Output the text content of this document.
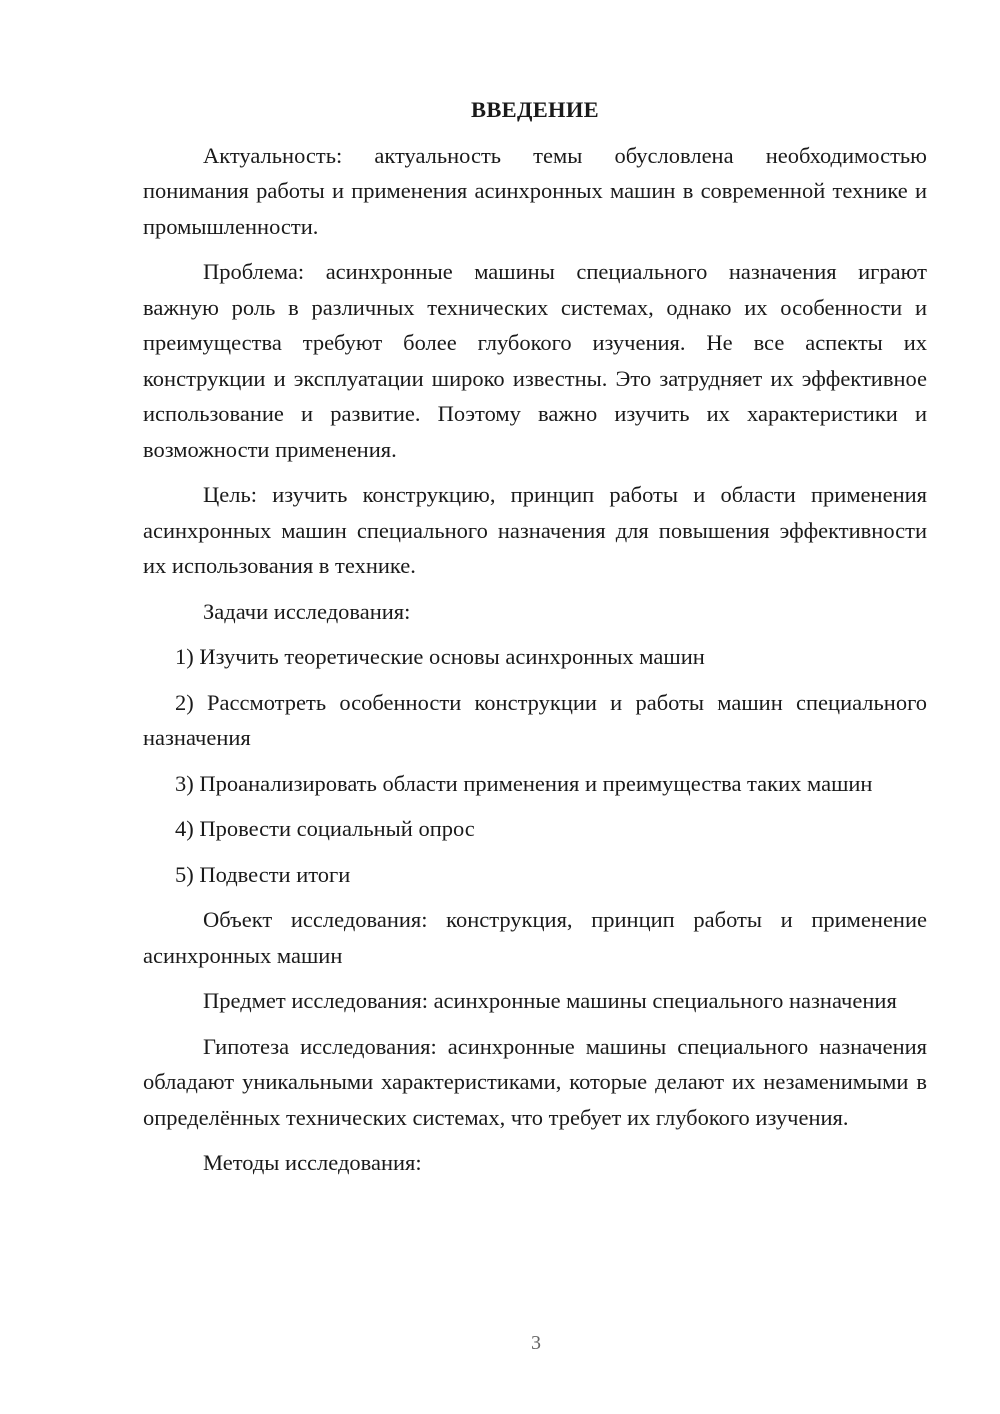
ВВЕДЕНИЕ
Актуальность: актуальность темы обусловлена необходимостью понимания работы и применения асинхронных машин в современной технике и промышленности.
Проблема: асинхронные машины специального назначения играют важную роль в различных технических системах, однако их особенности и преимущества требуют более глубокого изучения. Не все аспекты их конструкции и эксплуатации широко известны. Это затрудняет их эффективное использование и развитие. Поэтому важно изучить их характеристики и возможности применения.
Цель: изучить конструкцию, принцип работы и области применения асинхронных машин специального назначения для повышения эффективности их использования в технике.
Задачи исследования:
1) Изучить теоретические основы асинхронных машин
2) Рассмотреть особенности конструкции и работы машин специального назначения
3) Проанализировать области применения и преимущества таких машин
4) Провести социальный опрос
5) Подвести итоги
Объект исследования: конструкция, принцип работы и применение асинхронных машин
Предмет исследования: асинхронные машины специального назначения
Гипотеза исследования: асинхронные машины специального назначения обладают уникальными характеристиками, которые делают их незаменимыми в определённых технических системах, что требует их глубокого изучения.
Методы исследования:
3
